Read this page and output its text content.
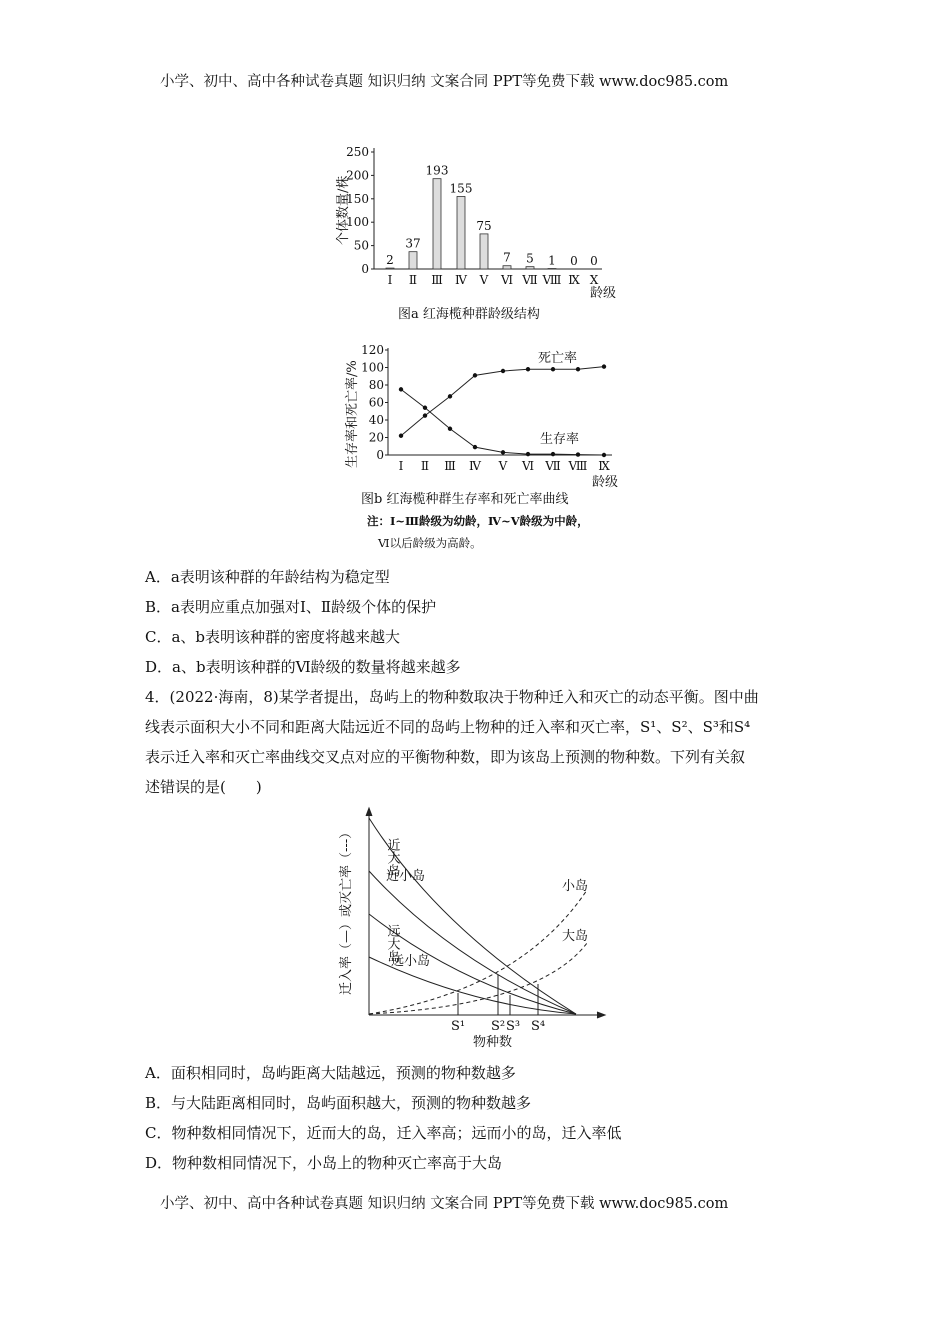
小学、初中、高中各种试卷真题 知识归纳 文案合同 PPT等免费下载 www.doc985.com
个体数量/株
龄级
图a 红海榄种群龄级结构
0
50
100
150
200
250
2
Ⅰ
37
Ⅱ
193
Ⅲ
155
Ⅳ
75
Ⅴ
7
Ⅵ
5
Ⅶ
1
Ⅷ
0
Ⅸ
0
Ⅹ
生存率和死亡率/%
龄级
死亡率
生存率
图b 红海榄种群生存率和死亡率曲线
注：Ⅰ~Ⅲ龄级为幼龄，Ⅳ~Ⅴ龄级为中龄，
Ⅵ以后龄级为高龄。
0
20
40
60
80
100
120
Ⅰ Ⅱ Ⅲ Ⅳ Ⅴ Ⅵ Ⅶ Ⅷ Ⅸ
A．a表明该种群的年龄结构为稳定型
B．a表明应重点加强对Ⅰ、Ⅱ龄级个体的保护
C．a、b表明该种群的密度将越来越大
D．a、b表明该种群的Ⅵ龄级的数量将越来越多
4．(2022·海南，8)某学者提出，岛屿上的物种数取决于物种迁入和灭亡的动态平衡。图中曲
线表示面积大小不同和距离大陆远近不同的岛屿上物种的迁入率和灭亡率，S¹、S²、S³和S⁴
表示迁入率和灭亡率曲线交叉点对应的平衡物种数，即为该岛上预测的物种数。下列有关叙
述错误的是(　　)
迁入率（—）或灭亡率（---）
物种数
近大岛
近小岛
远大岛
远小岛
小岛
大岛
S¹ S² S³ S⁴
A．面积相同时，岛屿距离大陆越远，预测的物种数越多
B．与大陆距离相同时，岛屿面积越大，预测的物种数越多
C．物种数相同情况下，近而大的岛，迁入率高；远而小的岛，迁入率低
D．物种数相同情况下，小岛上的物种灭亡率高于大岛
小学、初中、高中各种试卷真题 知识归纳 文案合同 PPT等免费下载 www.doc985.com
